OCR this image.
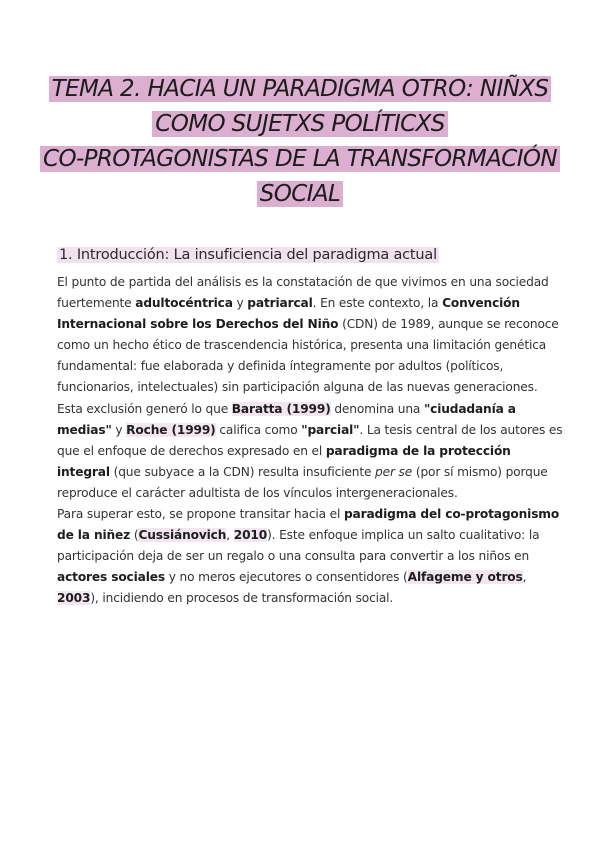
TEMA 2. HACIA UN PARADIGMA OTRO: NIÑXS

COMO SUJETXS POLÍTICXS

CO-PROTAGONISTAS DE LA TRANSFORMACIÓN

SOCIAL

1. Introducción: La insuficiencia del paradigma actual

El punto de partida del análisis es la constatación de que vivimos en una sociedad fuertemente adultocéntrica y patriarcal. En este contexto, la Convención Internacional sobre los Derechos del Niño (CDN) de 1989, aunque se reconoce como un hecho ético de trascendencia histórica, presenta una limitación genética fundamental: fue elaborada y definida íntegramente por adultos (políticos, funcionarios, intelectuales) sin participación alguna de las nuevas generaciones.

Esta exclusión generó lo que Baratta (1999) denomina una "ciudadanía a medias" y Roche (1999) califica como "parcial". La tesis central de los autores es que el enfoque de derechos expresado en el paradigma de la protección integral (que subyace a la CDN) resulta insuficiente per se (por sí mismo) porque reproduce el carácter adultista de los vínculos intergeneracionales.

Para superar esto, se propone transitar hacia el paradigma del co-protagonismo de la niñez (Cussiánovich, 2010). Este enfoque implica un salto cualitativo: la participación deja de ser un regalo o una consulta para convertir a los niños en actores sociales y no meros ejecutores o consentidores (Alfageme y otros, 2003), incidiendo en procesos de transformación social.
